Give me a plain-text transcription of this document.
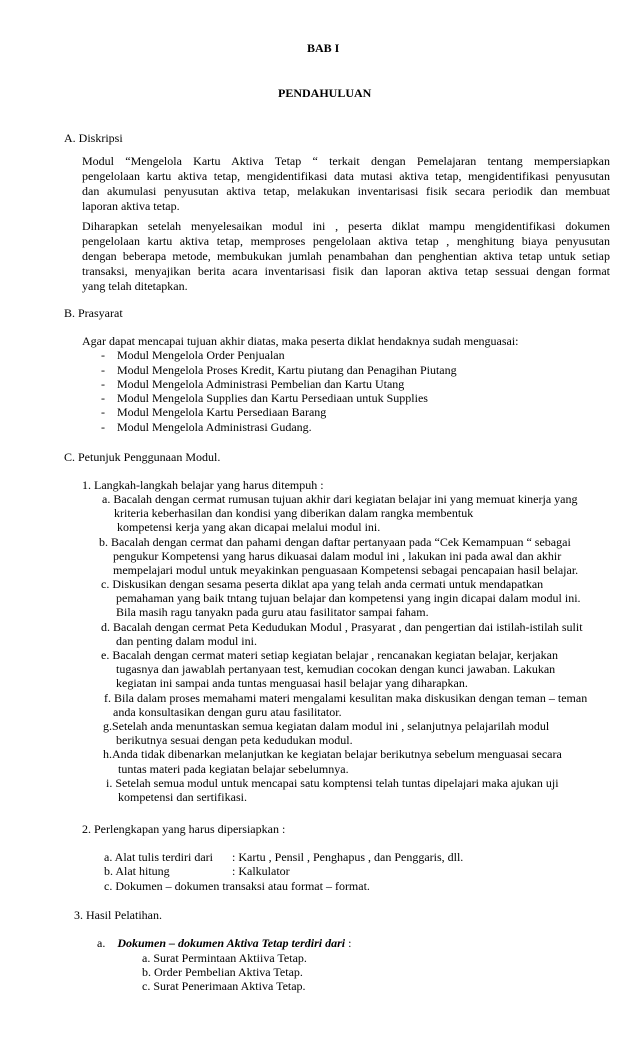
BAB I
PENDAHULUAN
A. Diskripsi
Modul “Mengelola Kartu Aktiva Tetap “ terkait dengan Pemelajaran tentang mempersiapkan
pengelolaan kartu aktiva tetap, mengidentifikasi data mutasi aktiva tetap, mengidentifikasi penyusutan
dan akumulasi penyusutan aktiva tetap, melakukan inventarisasi fisik secara periodik dan membuat
laporan aktiva tetap.
Diharapkan setelah menyelesaikan modul ini , peserta diklat mampu mengidentifikasi dokumen
pengelolaan kartu aktiva tetap, memproses pengelolaan aktiva tetap , menghitung biaya penyusutan
dengan beberapa metode, membukukan jumlah penambahan dan penghentian aktiva tetap untuk setiap
transaksi, menyajikan berita acara inventarisasi fisik dan laporan aktiva tetap sessuai dengan format
yang telah ditetapkan.
B. Prasyarat
Agar dapat mencapai tujuan akhir diatas, maka peserta diklat hendaknya sudah menguasai:
-    Modul Mengelola Order Penjualan
-    Modul Mengelola Proses Kredit, Kartu piutang dan Penagihan Piutang
-    Modul Mengelola Administrasi Pembelian dan Kartu Utang
-    Modul Mengelola Supplies dan Kartu Persediaan untuk Supplies
-    Modul Mengelola Kartu Persediaan Barang
-    Modul Mengelola Administrasi Gudang.
C. Petunjuk Penggunaan Modul.
1. Langkah-langkah belajar yang harus ditempuh :
a. Bacalah dengan cermat rumusan tujuan akhir dari kegiatan belajar ini yang memuat kinerja yang
kriteria keberhasilan dan kondisi yang diberikan dalam rangka membentuk
kompetensi kerja yang akan dicapai melalui modul ini.
b. Bacalah dengan cermat dan pahami dengan daftar pertanyaan pada “Cek Kemampuan “ sebagai
pengukur Kompetensi yang harus dikuasai dalam modul ini , lakukan ini pada awal dan akhir
mempelajari modul untuk meyakinkan penguasaan Kompetensi sebagai pencapaian hasil belajar.
c. Diskusikan dengan sesama peserta diklat apa yang telah anda cermati untuk mendapatkan
pemahaman yang baik tntang tujuan belajar dan kompetensi yang ingin dicapai dalam modul ini.
Bila masih ragu tanyakn pada guru atau fasilitator sampai faham.
d. Bacalah dengan cermat Peta Kedudukan Modul , Prasyarat , dan pengertian dai istilah-istilah sulit
dan penting dalam modul ini.
e. Bacalah dengan cermat materi setiap kegiatan belajar , rencanakan kegiatan belajar, kerjakan
tugasnya dan jawablah pertanyaan test, kemudian cocokan dengan kunci jawaban. Lakukan
kegiatan ini sampai anda tuntas menguasai hasil belajar yang diharapkan.
f. Bila dalam proses memahami materi mengalami kesulitan maka diskusikan dengan teman – teman
anda konsultasikan dengan guru atau fasilitator.
g.Setelah anda menuntaskan semua kegiatan dalam modul ini , selanjutnya pelajarilah modul
berikutnya sesuai dengan peta kedudukan modul.
h.Anda tidak dibenarkan melanjutkan ke kegiatan belajar berikutnya sebelum menguasai secara
tuntas materi pada kegiatan belajar sebelumnya.
i. Setelah semua modul untuk mencapai satu komptensi telah tuntas dipelajari maka ajukan uji
kompetensi dan sertifikasi.
2. Perlengkapan yang harus dipersiapkan :
a. Alat tulis terdiri dari : Kartu , Pensil , Penghapus , dan Penggaris, dll.
b. Alat hitung	: Kalkulator
c. Dokumen – dokumen transaksi atau format – format.
3. Hasil Pelatihan.
a. Dokumen – dokumen Aktiva Tetap terdiri dari :
a. Surat Permintaan Aktiiva Tetap.
b. Order Pembelian Aktiva Tetap.
c. Surat Penerimaan Aktiva Tetap.
